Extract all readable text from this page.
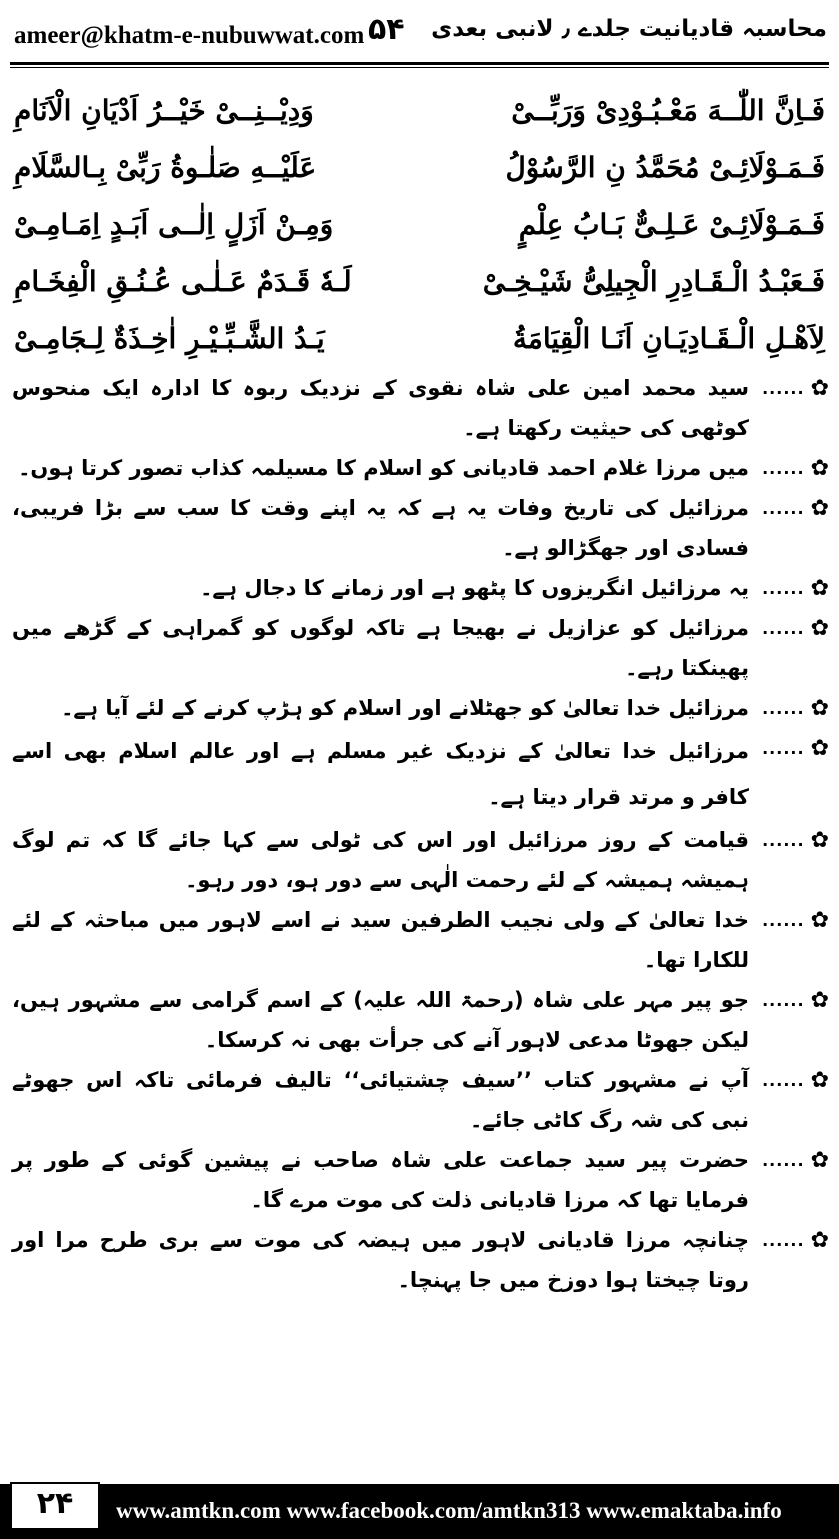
ameer@khatm-e-nubuwwat.com ۵۴ محاسبہ قادیانیت جلدے ٫ لانبی بعدی
فَـاِنَّ اللّٰــهَ مَعْـبُـوْدِیْ وَرَبِّــیْ
وَدِیْــنِــیْ خَیْــرُ اَدْیَانِ الْاَنَامِ
فَـمَـوْلَائِـیْ مُحَمَّدُ نِ الرَّسُوْلُ
عَلَیْــهِ صَلٰـوةُ رَبِّیْ بِـالسَّلَامِ
فَـمَـوْلَائِـیْ عَـلِـیٌّ بَـابُ عِلْمٍ
وَمِـنْ اَزَلٍ اِلٰــی اَبَـدٍ اِمَـامِـیْ
فَـعَبْـدُ الْـقَـادِرِ الْجِیلِیُّ شَیْـخِـیْ
لَـهٗ قَـدَمٌ عَـلٰـی عُـنُـقِ الْفِخَـامِ
لِاَهْـلِ الْـقَـادِیَـانِ اَنَـا الْقِیَامَةُ
یَـدُ الشَّـبِّـیْـرِ اٰخِـذَةٌ لِـجَامِـیْ
✿
......
سید محمد امین علی شاہ نقوی کے نزدیک ربوہ کا ادارہ ایک منحوس کوٹھی کی حیثیت رکھتا ہے۔
✿
......
میں مرزا غلام احمد قادیانی کو اسلام کا مسیلمہ کذاب تصور کرتا ہوں۔
✿
......
مرزائیل کی تاریخ وفات یہ ہے کہ یہ اپنے وقت کا سب سے بڑا فریبی، فسادی اور جھگڑالو ہے۔
✿
......
یہ مرزائیل انگریزوں کا پٹھو ہے اور زمانے کا دجال ہے۔
✿
......
مرزائیل کو عزازیل نے بھیجا ہے تاکہ لوگوں کو گمراہی کے گڑھے میں پھینکتا رہے۔
✿
......
مرزائیل خدا تعالیٰ کو جھٹلانے اور اسلام کو ہڑپ کرنے کے لئے آیا ہے۔
✿
......
مرزائیل خدا تعالیٰ کے نزدیک غیر مسلم ہے اور عالم اسلام بھی اسے کافر و مرتد قرار دیتا ہے۔
✿
......
قیامت کے روز مرزائیل اور اس کی ٹولی سے کہا جائے گا کہ تم لوگ ہمیشہ ہمیشہ کے لئے رحمت الٰہی سے دور ہو، دور رہو۔
✿
......
خدا تعالیٰ کے ولی نجیب الطرفین سید نے اسے لاہور میں مباحثہ کے لئے للکارا تھا۔
✿
......
جو پیر مہر علی شاہ (رحمۃ اللہ علیہ) کے اسم گرامی سے مشہور ہیں، لیکن جھوٹا مدعی لاہور آنے کی جرأت بھی نہ کرسکا۔
✿
......
آپ نے مشہور کتاب ’’سیف چشتیائی‘‘ تالیف فرمائی تاکہ اس جھوٹے نبی کی شہ رگ کاٹی جائے۔
✿
......
حضرت پیر سید جماعت علی شاہ صاحب نے پیشین گوئی کے طور پر فرمایا تھا کہ مرزا قادیانی ذلت کی موت مرے گا۔
✿
......
چنانچہ مرزا قادیانی لاہور میں ہیضہ کی موت سے بری طرح مرا اور روتا چیختا ہوا دوزخ میں جا پہنچا۔
۲۴	www.amtkn.com www.facebook.com/amtkn313 www.emaktaba.info
